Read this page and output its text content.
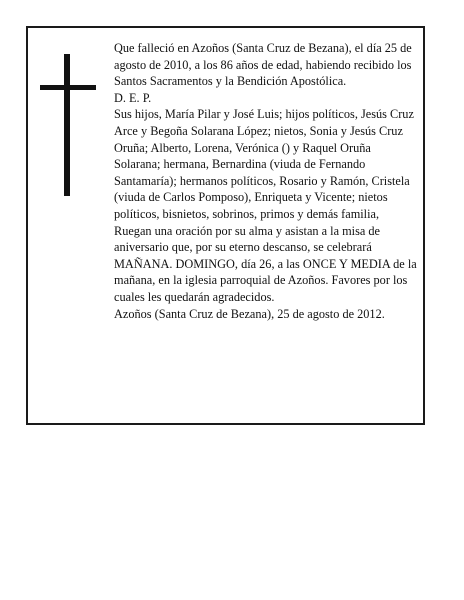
Que falleció en Azoños (Santa Cruz de Bezana), el día 25 de agosto de 2010, a los 86 años de edad, habiendo recibido los Santos Sacramentos y la Bendición Apostólica.

D. E. P.

Sus hijos, María Pilar y José Luis; hijos políticos, Jesús Cruz Arce y Begoña Solarana López; nietos, Sonia y Jesús Cruz Oruña; Alberto, Lorena, Verónica () y Raquel Oruña Solarana; hermana, Bernardina (viuda de Fernando Santamaría); hermanos políticos, Rosario y Ramón, Cristela (viuda de Carlos Pomposo), Enriqueta y Vicente; nietos políticos, bisnietos, sobrinos, primos y demás familia,

Ruegan una oración por su alma y asistan a la misa de aniversario que, por su eterno descanso, se celebrará MAÑANA. DOMINGO, día 26, a las ONCE Y MEDIA de la mañana, en la iglesia parroquial de Azoños. Favores por los cuales les quedarán agradecidos.

Azoños (Santa Cruz de Bezana), 25 de agosto de 2012.
